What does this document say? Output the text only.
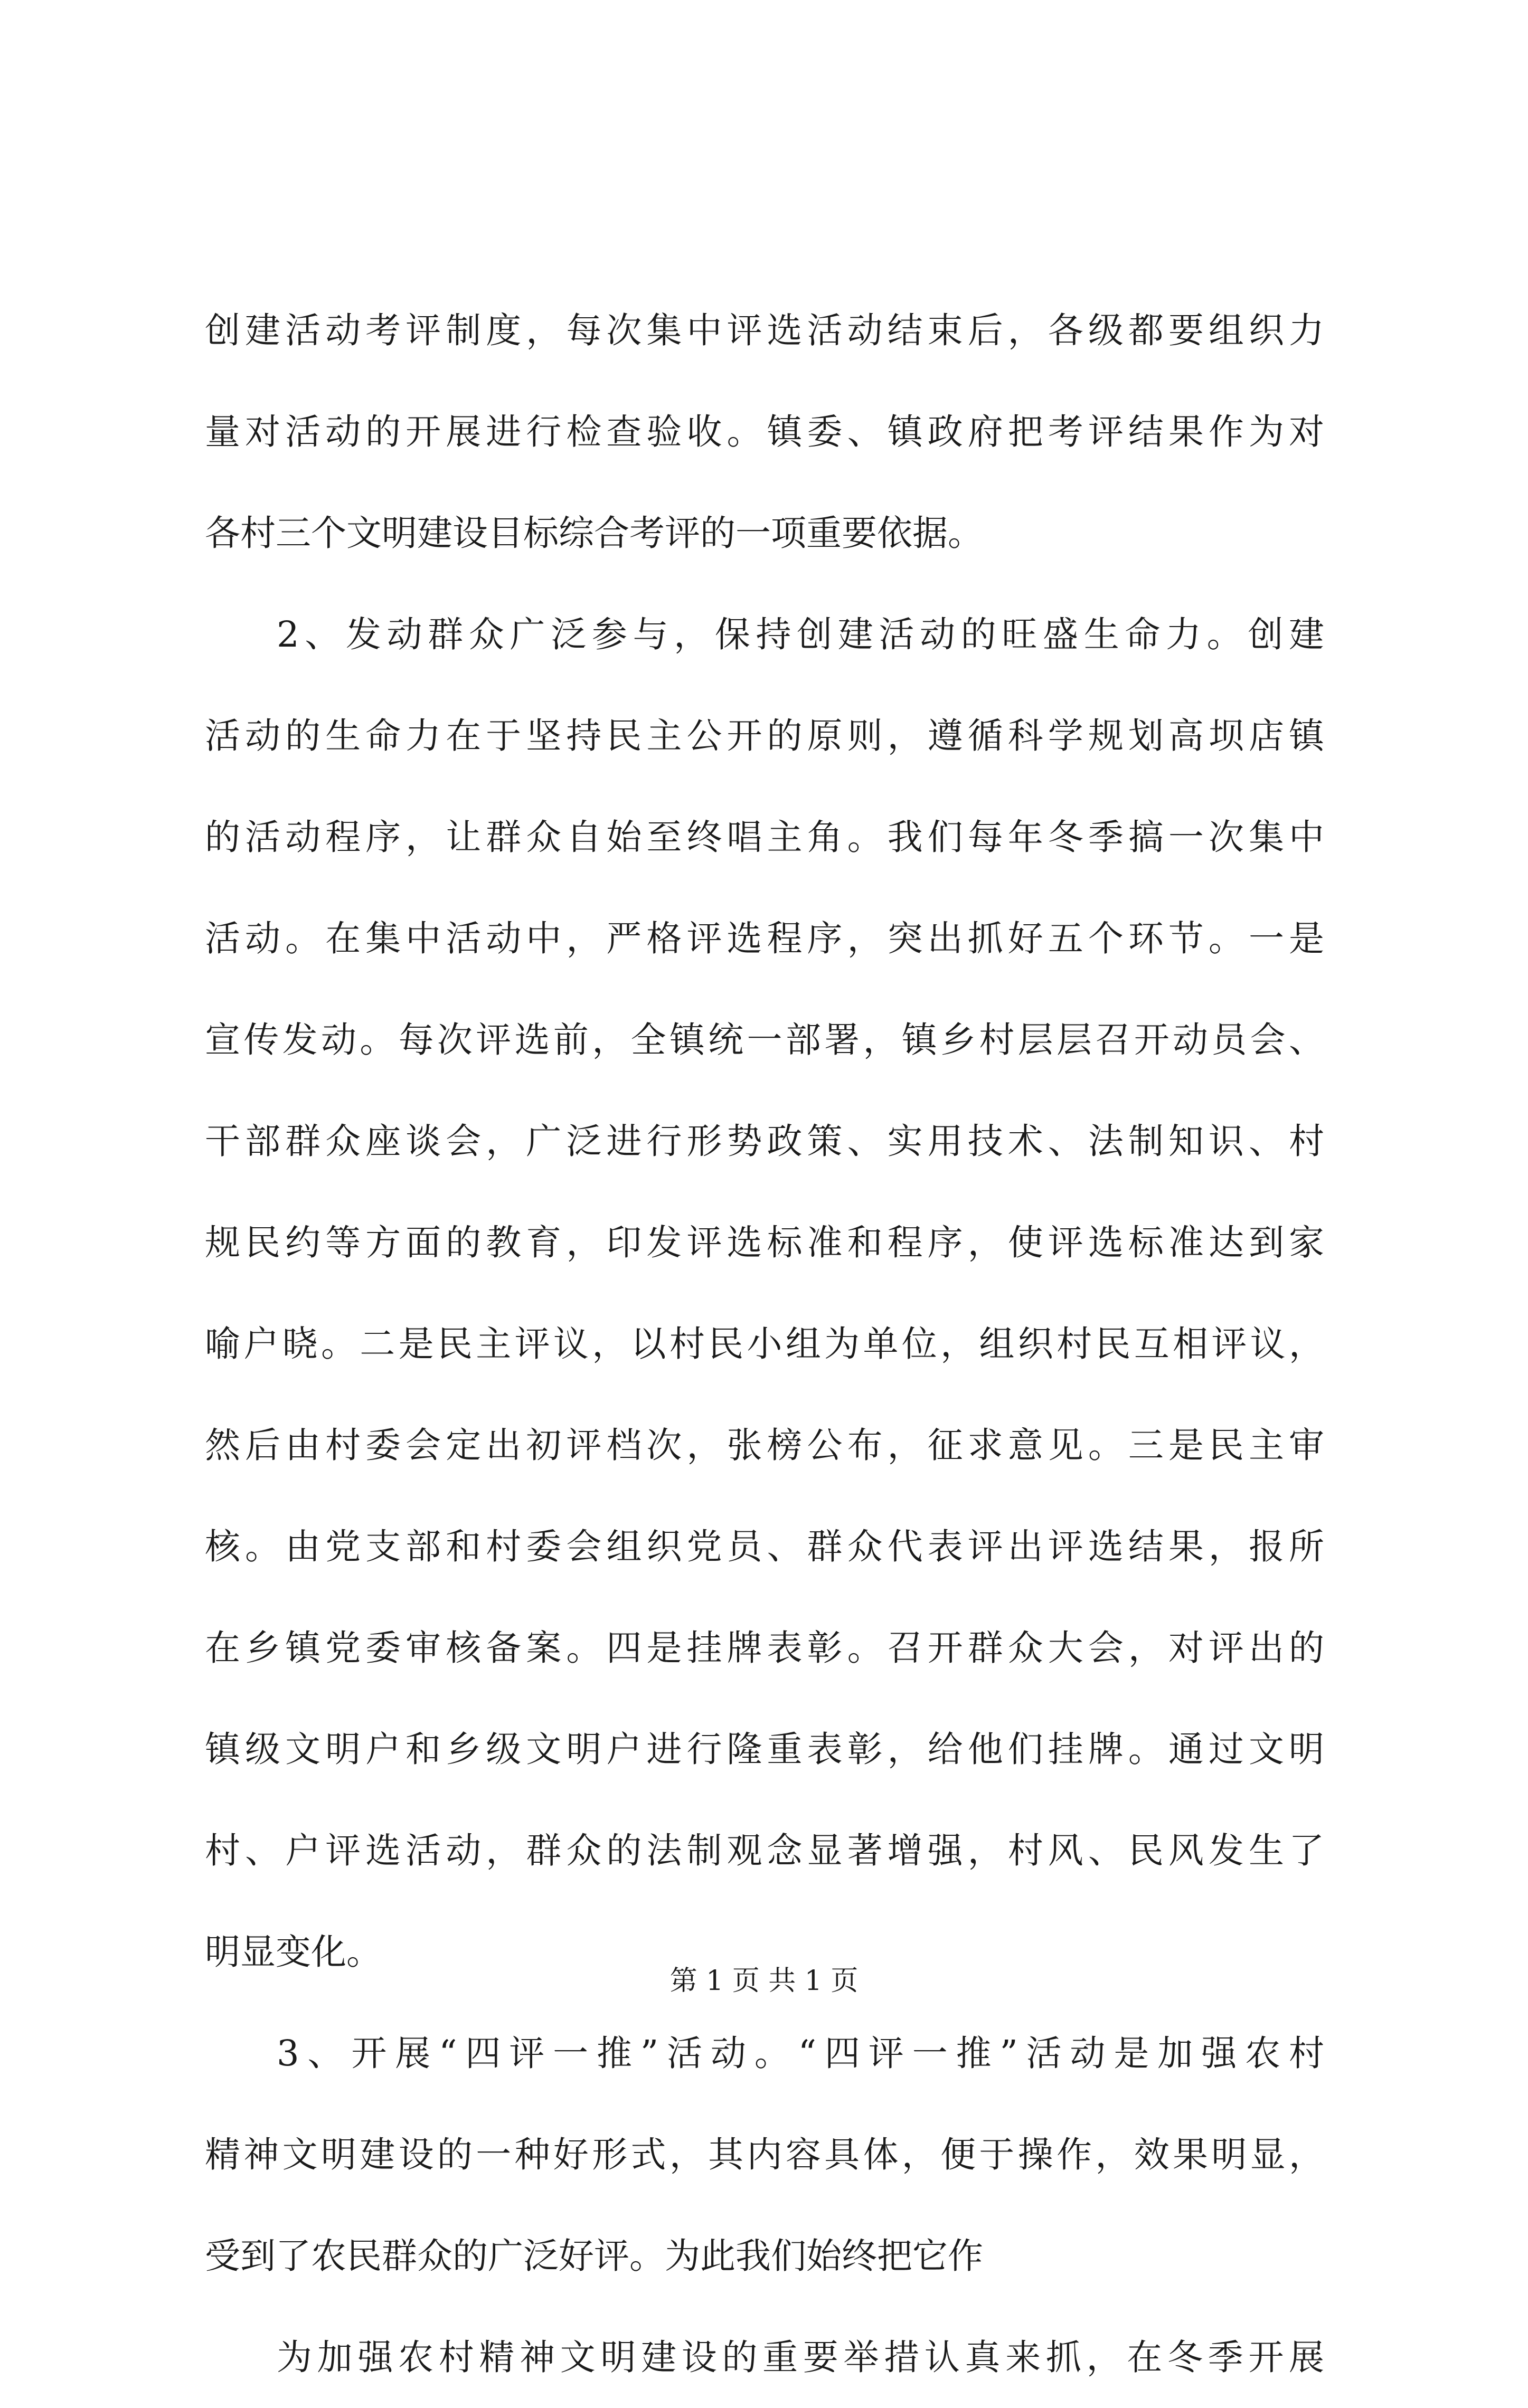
创建活动考评制度，每次集中评选活动结束后，各级都要组织力
量对活动的开展进行检查验收。镇委、镇政府把考评结果作为对
各村三个文明建设目标综合考评的一项重要依据。
2、发动群众广泛参与，保持创建活动的旺盛生命力。创建
活动的生命力在于坚持民主公开的原则，遵循科学规划高坝店镇
的活动程序，让群众自始至终唱主角。我们每年冬季搞一次集中
活动。在集中活动中，严格评选程序，突出抓好五个环节。一是
宣传发动。每次评选前，全镇统一部署，镇乡村层层召开动员会、
干部群众座谈会，广泛进行形势政策、实用技术、法制知识、村
规民约等方面的教育，印发评选标准和程序，使评选标准达到家
喻户晓。二是民主评议，以村民小组为单位，组织村民互相评议，
然后由村委会定出初评档次，张榜公布，征求意见。三是民主审
核。由党支部和村委会组织党员、群众代表评出评选结果，报所
在乡镇党委审核备案。四是挂牌表彰。召开群众大会，对评出的
镇级文明户和乡级文明户进行隆重表彰，给他们挂牌。通过文明
村、户评选活动，群众的法制观念显著增强，村风、民风发生了
明显变化。
3、开展“四评一推”活动。“四评一推”活动是加强农村
精神文明建设的一种好形式，其内容具体，便于操作，效果明显，
受到了农民群众的广泛好评。为此我们始终把它作
为加强农村精神文明建设的重要举措认真来抓，在冬季开展
第 1 页 共 1 页
